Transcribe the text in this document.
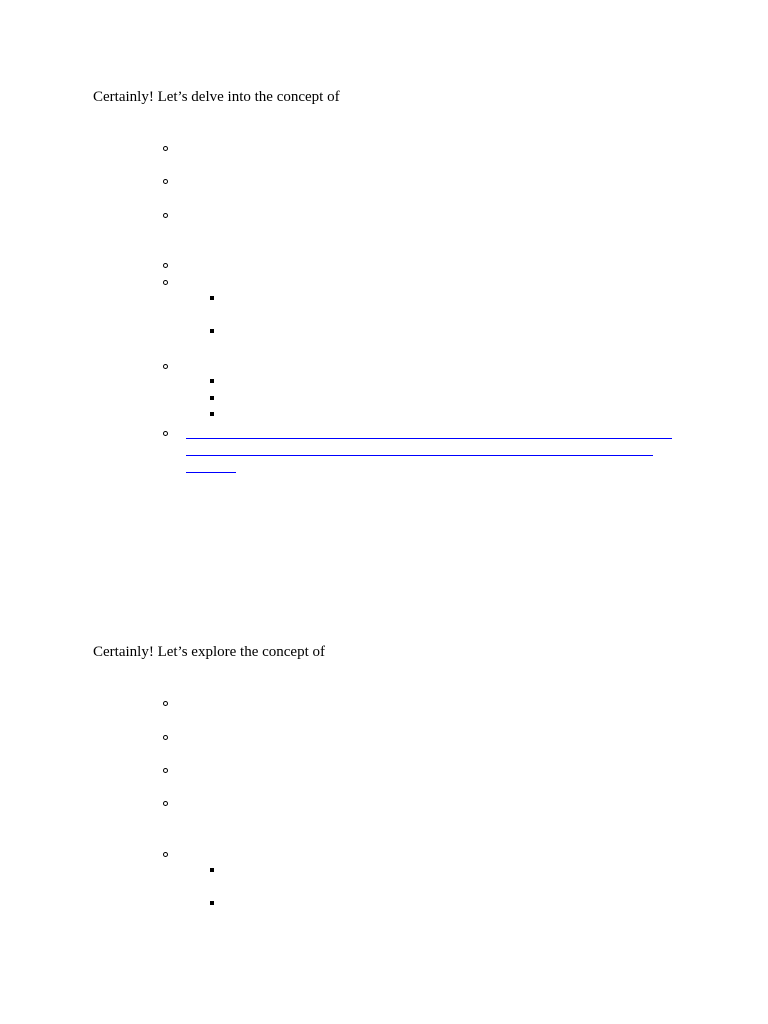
Certainly! Let’s delve into the concept of
Certainly! Let’s explore the concept of
